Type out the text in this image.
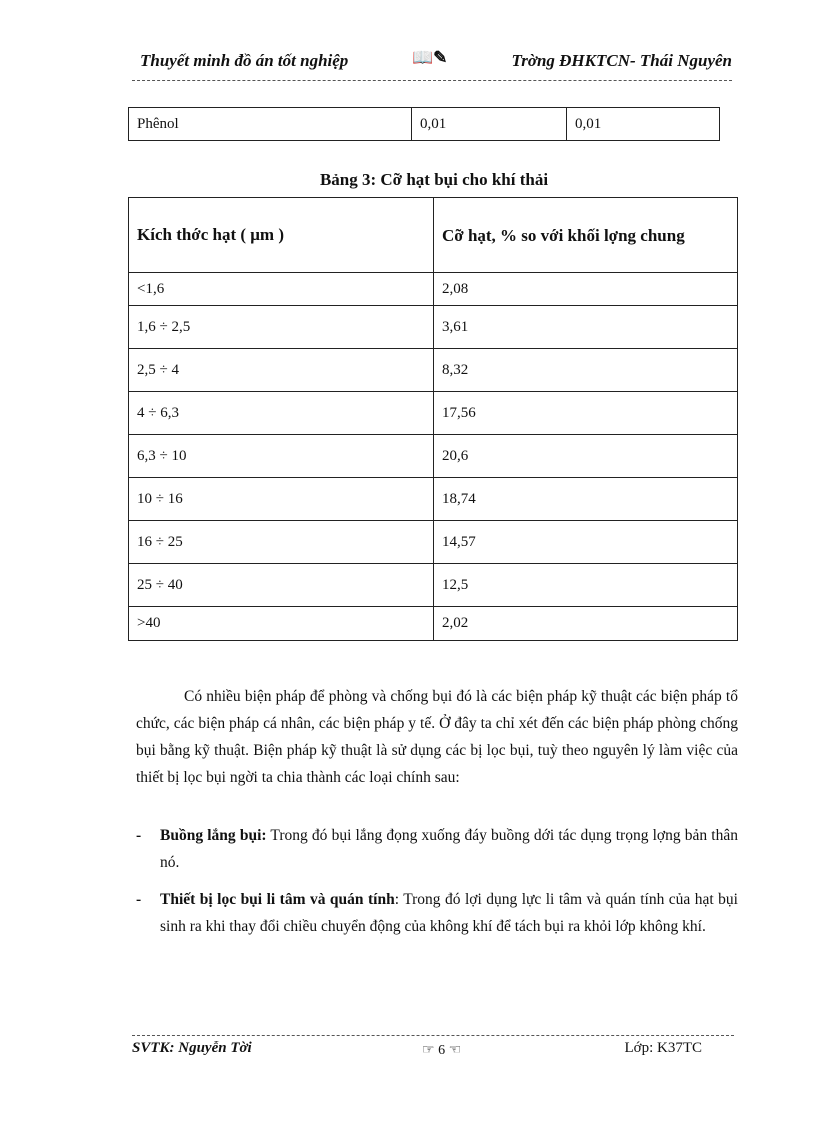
Thuyết minh đồ án tốt nghiệp	📖✎	Trờng ĐHKTCN- Thái Nguyên
Phênol	0,01	0,01
Bảng 3: Cỡ hạt bụi cho khí thải
Kích thớc hạt ( μm )	Cỡ hạt, % so với khối lợng chung
<1,6	2,08
1,6 ÷ 2,5	3,61
2,5 ÷ 4	8,32
4 ÷ 6,3	17,56
6,3 ÷ 10	20,6
10 ÷ 16	18,74
16 ÷ 25	14,57
25 ÷ 40	12,5
>40	2,02
Có nhiều biện pháp để phòng và chống bụi đó là các biện pháp kỹ thuật các biện pháp tổ chức, các biện pháp cá nhân, các biện pháp y tế. Ở đây ta chỉ xét đến các biện pháp phòng chống bụi bằng kỹ thuật. Biện pháp kỹ thuật là sử dụng các bị lọc bụi, tuỳ theo nguyên lý làm việc của thiết bị lọc bụi ngời ta chia thành các loại chính sau:
- Buồng lắng bụi: Trong đó bụi lắng đọng xuống đáy buồng dới tác dụng trọng lợng bản thân nó.
- Thiết bị lọc bụi li tâm và quán tính: Trong đó lợi dụng lực li tâm và quán tính của hạt bụi sinh ra khi thay đổi chiều chuyển động của không khí để tách bụi ra khỏi lớp không khí.
SVTK: Nguyễn Tời	☞ 6 ☜	Lớp: K37TC
